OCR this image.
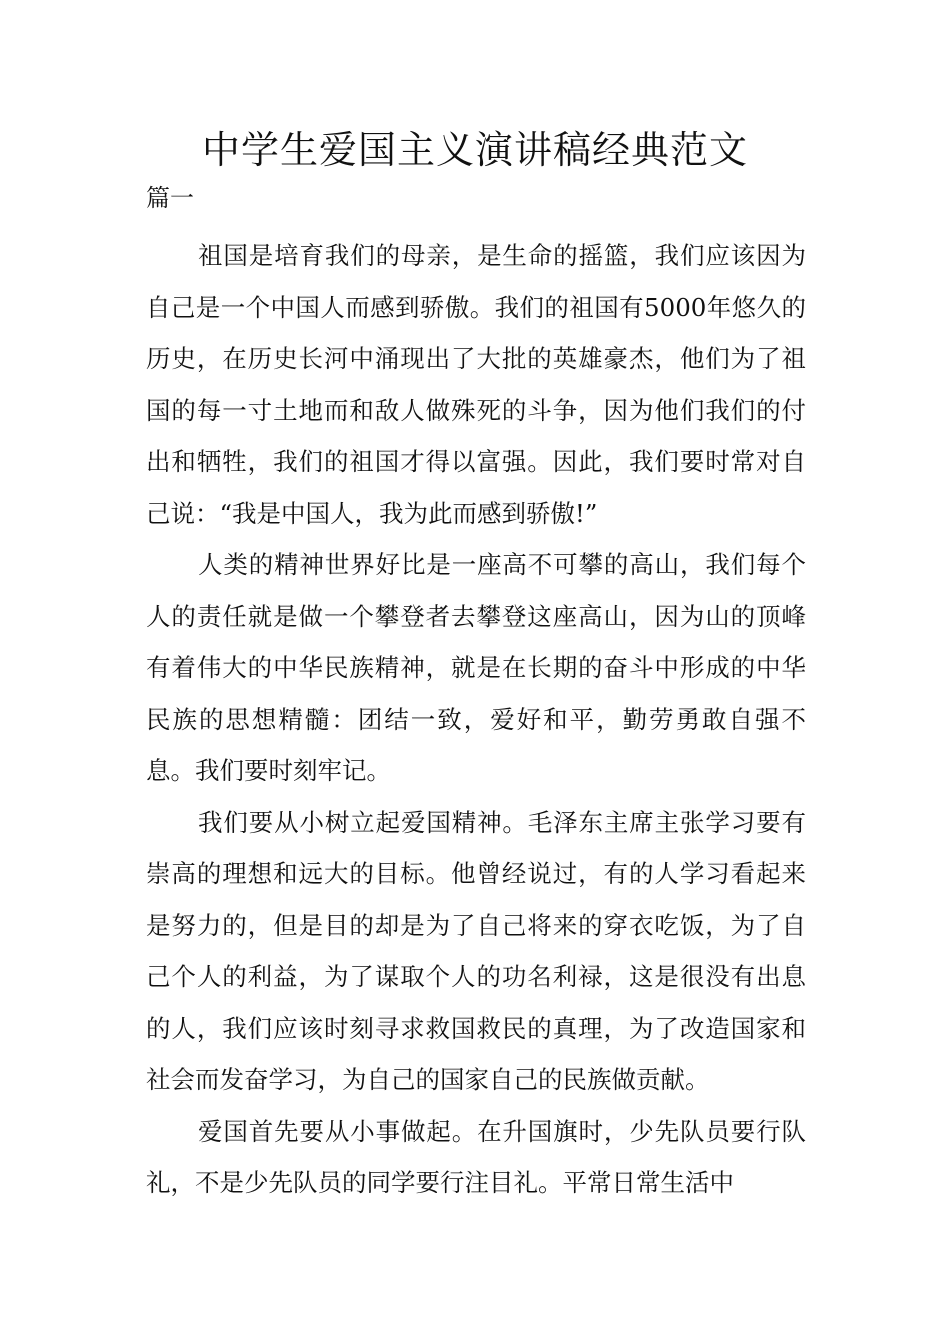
中学生爱国主义演讲稿经典范文
篇一

祖国是培育我们的母亲，是生命的摇篮，我们应该因为自己是一个中国人而感到骄傲。我们的祖国有5000年悠久的历史，在历史长河中涌现出了大批的英雄豪杰，他们为了祖国的每一寸土地而和敌人做殊死的斗争，因为他们我们的付出和牺牲，我们的祖国才得以富强。因此，我们要时常对自己说：“我是中国人，我为此而感到骄傲!”

人类的精神世界好比是一座高不可攀的高山，我们每个人的责任就是做一个攀登者去攀登这座高山，因为山的顶峰有着伟大的中华民族精神，就是在长期的奋斗中形成的中华民族的思想精髓：团结一致，爱好和平，勤劳勇敢自强不息。我们要时刻牢记。

我们要从小树立起爱国精神。毛泽东主席主张学习要有崇高的理想和远大的目标。他曾经说过，有的人学习看起来是努力的，但是目的却是为了自己将来的穿衣吃饭，为了自己个人的利益，为了谋取个人的功名利禄，这是很没有出息的人，我们应该时刻寻求救国救民的真理，为了改造国家和社会而发奋学习，为自己的国家自己的民族做贡献。

爱国首先要从小事做起。在升国旗时，少先队员要行队礼，不是少先队员的同学要行注目礼。平常日常生活中
